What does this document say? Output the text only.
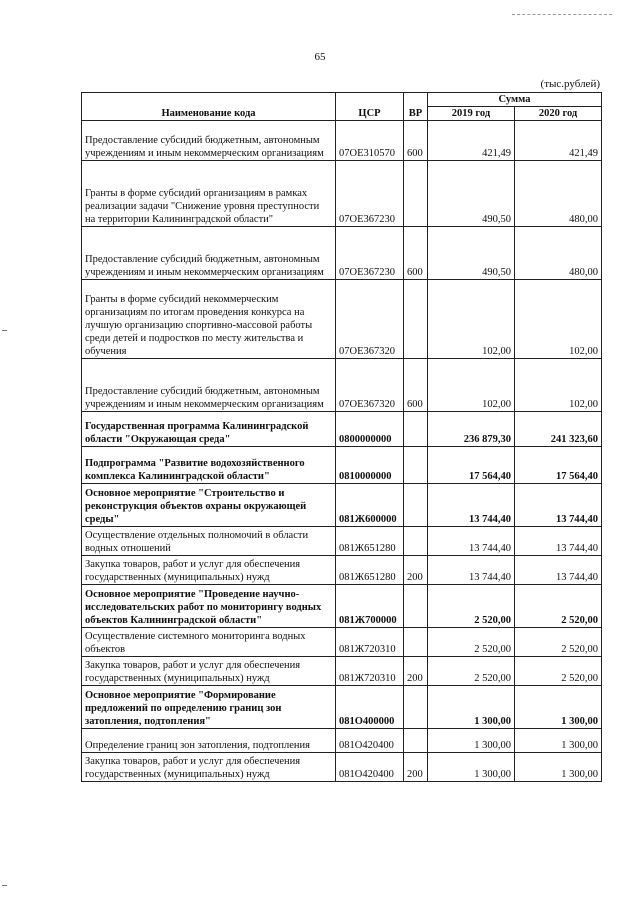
65
(тыс.рублей)
Наименование кода	ЦСР	ВР	Сумма	
			2019 год	2020 год
Предоставление субсидий бюджетным, автономным учреждениям и иным некоммерческим организациям	07ОЕ310570	600	421,49	421,49
Гранты в форме субсидий организациям в рамках реализации задачи "Снижение уровня преступности на территории Калининградской области"	07ОЕ367230		490,50	480,00
Предоставление субсидий бюджетным, автономным учреждениям и иным некоммерческим организациям	07ОЕ367230	600	490,50	480,00
Гранты в форме субсидий некоммерческим организациям по итогам проведения конкурса на лучшую организацию спортивно-массовой работы среди детей и подростков по месту жительства и обучения	07ОЕ367320		102,00	102,00
Предоставление субсидий бюджетным, автономным учреждениям и иным некоммерческим организациям	07ОЕ367320	600	102,00	102,00
Государственная программа Калининградской области "Окружающая среда"	0800000000		236 879,30	241 323,60
Подпрограмма "Развитие водохозяйственного комплекса Калининградской области"	0810000000		17 564,40	17 564,40
Основное мероприятие "Строительство и реконструкция объектов охраны окружающей среды"	081Ж600000		13 744,40	13 744,40
Осуществление отдельных полномочий в области водных отношений	081Ж651280		13 744,40	13 744,40
Закупка товаров, работ и услуг для обеспечения государственных (муниципальных) нужд	081Ж651280	200	13 744,40	13 744,40
Основное мероприятие "Проведение научно-исследовательских работ по мониторингу водных объектов Калининградской области"	081Ж700000		2 520,00	2 520,00
Осуществление системного мониторинга водных объектов	081Ж720310		2 520,00	2 520,00
Закупка товаров, работ и услуг для обеспечения государственных (муниципальных) нужд	081Ж720310	200	2 520,00	2 520,00
Основное мероприятие "Формирование предложений по определению границ зон затопления, подтопления"	081О400000		1 300,00	1 300,00
Определение границ зон затопления, подтопления	081О420400		1 300,00	1 300,00
Закупка товаров, работ и услуг для обеспечения государственных (муниципальных) нужд	081О420400	200	1 300,00	1 300,00
